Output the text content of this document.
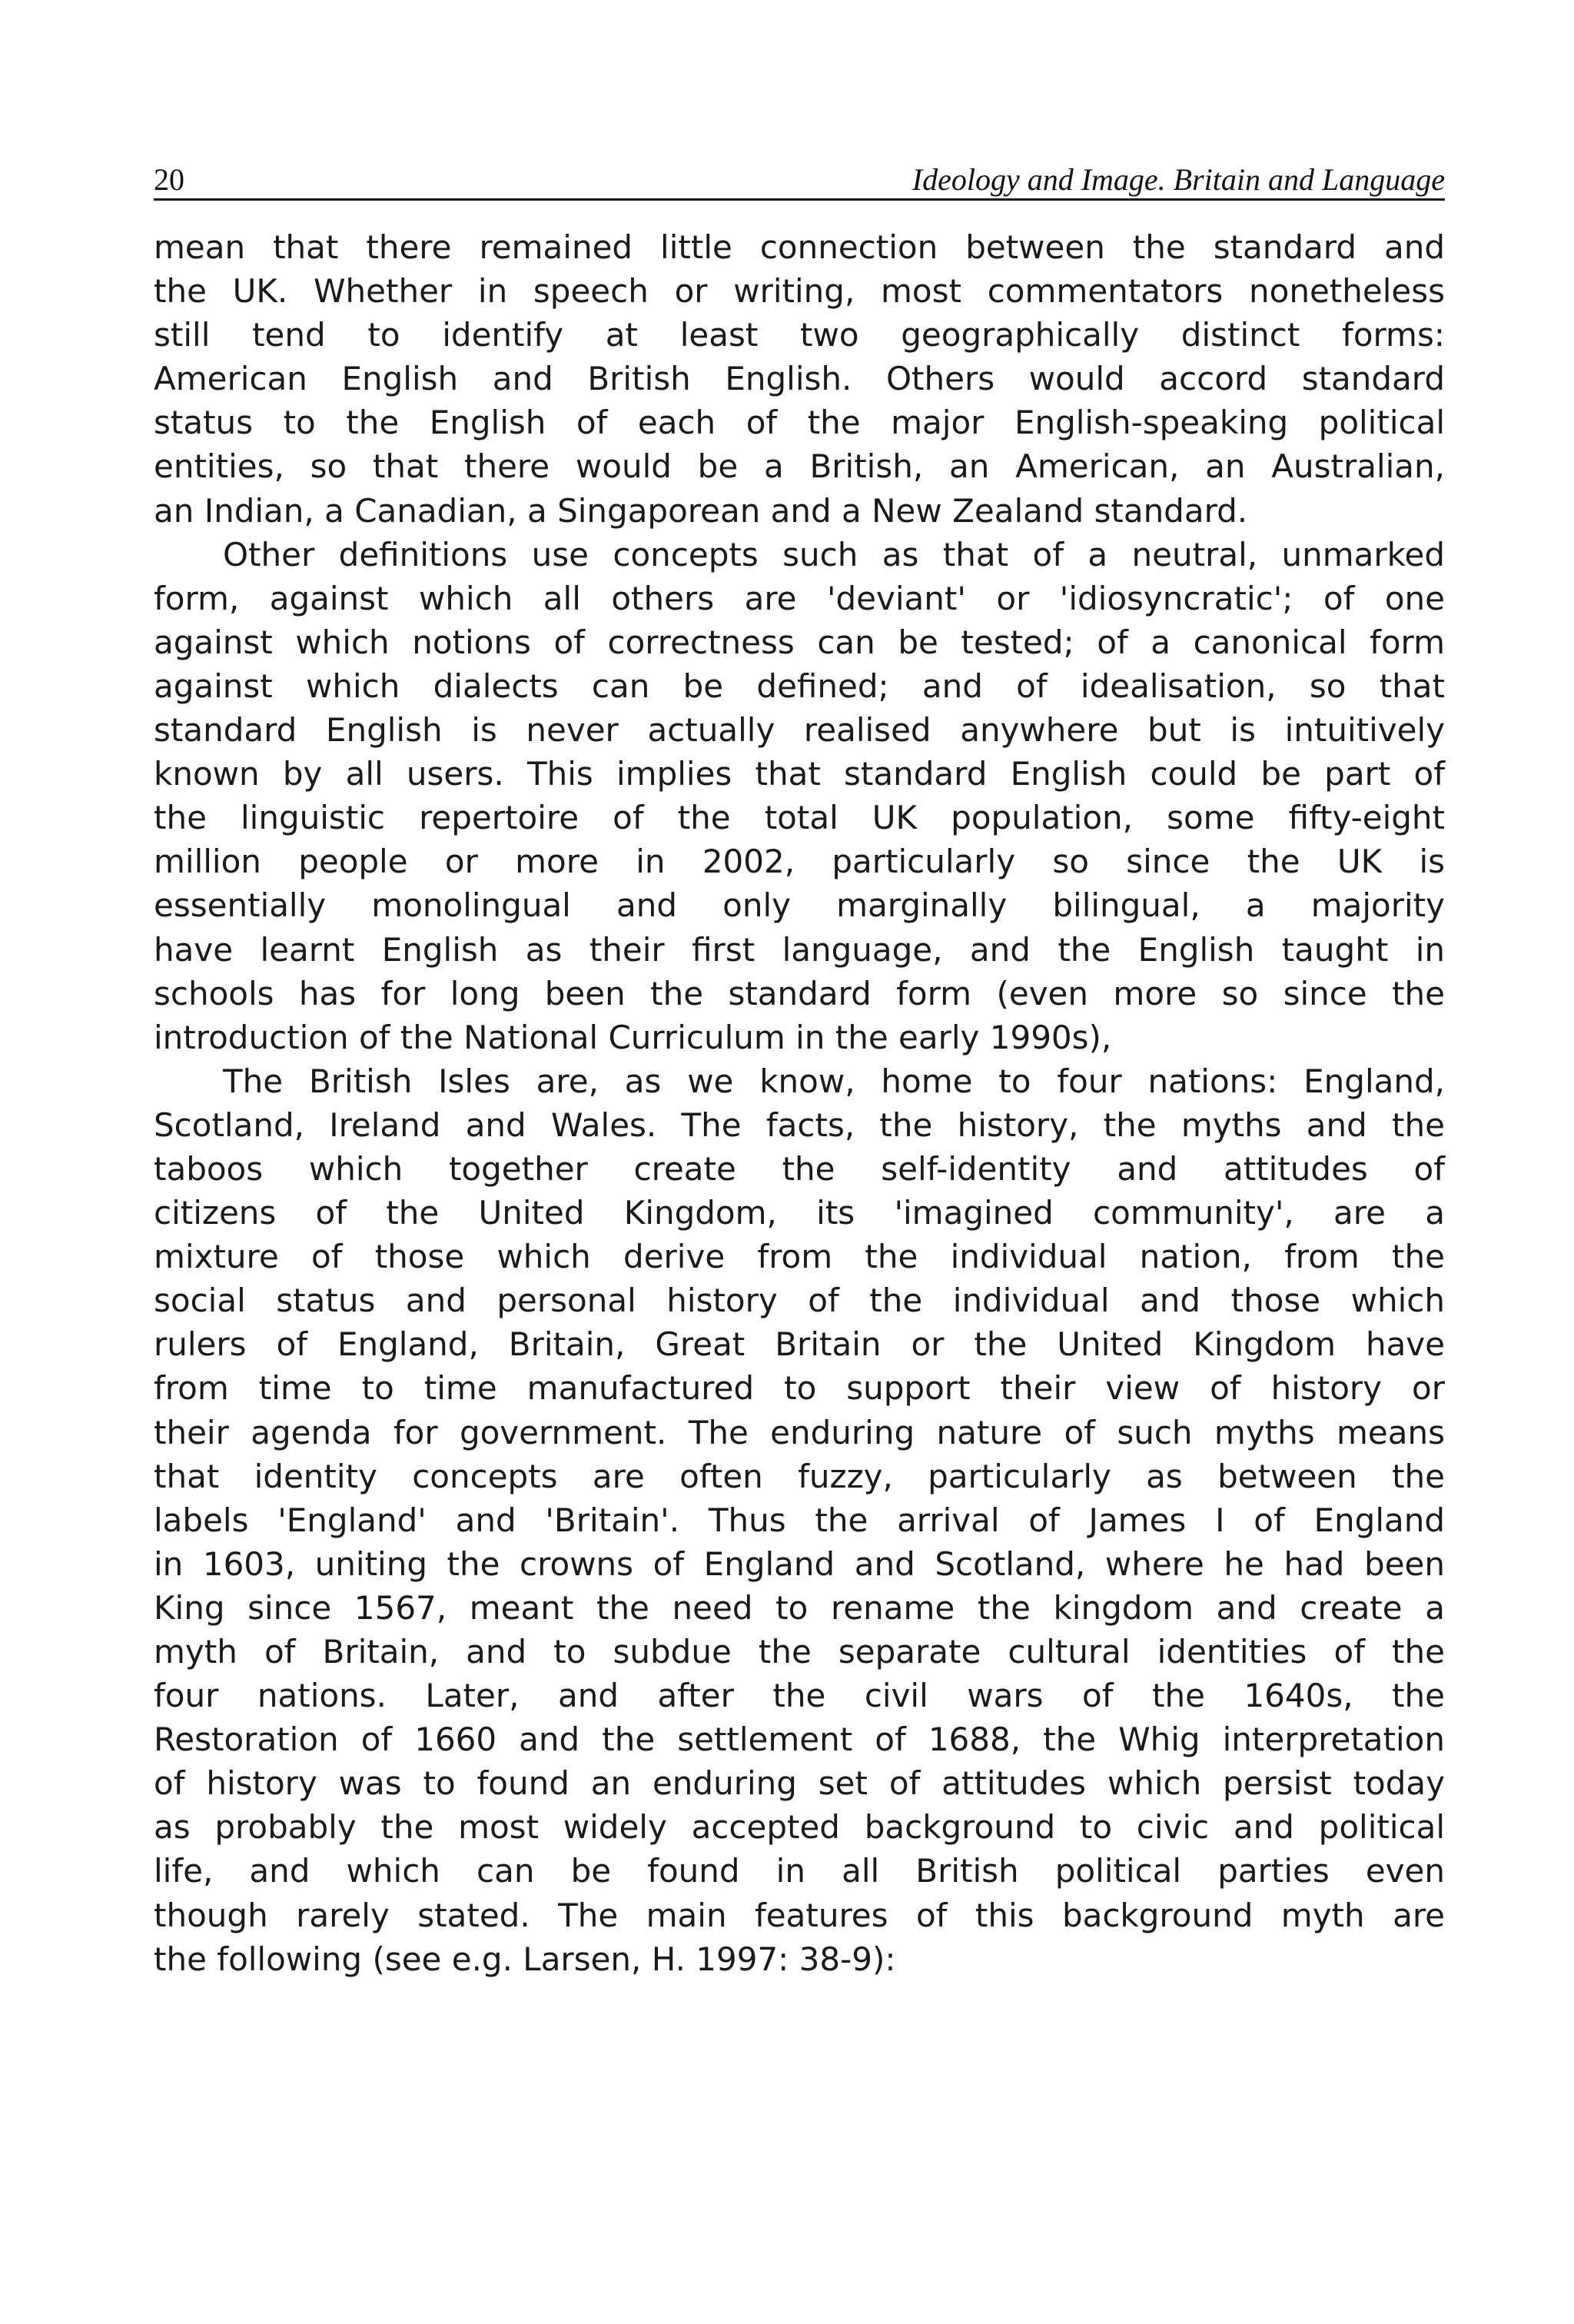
20	Ideology and Image. Britain and Language
mean that there remained little connection between the standard and
the UK. Whether in speech or writing, most commentators nonetheless
still tend to identify at least two geographically distinct forms:
American English and British English. Others would accord standard
status to the English of each of the major English-speaking political
entities, so that there would be a British, an American, an Australian,
an Indian, a Canadian, a Singaporean and a New Zealand standard.
Other definitions use concepts such as that of a neutral, unmarked
form, against which all others are 'deviant' or 'idiosyncratic'; of one
against which notions of correctness can be tested; of a canonical form
against which dialects can be defined; and of idealisation, so that
standard English is never actually realised anywhere but is intuitively
known by all users. This implies that standard English could be part of
the linguistic repertoire of the total UK population, some fifty-eight
million people or more in 2002, particularly so since the UK is
essentially monolingual and only marginally bilingual, a majority
have learnt English as their first language, and the English taught in
schools has for long been the standard form (even more so since the
introduction of the National Curriculum in the early 1990s),
The British Isles are, as we know, home to four nations: England,
Scotland, Ireland and Wales. The facts, the history, the myths and the
taboos which together create the self-identity and attitudes of
citizens of the United Kingdom, its 'imagined community', are a
mixture of those which derive from the individual nation, from the
social status and personal history of the individual and those which
rulers of England, Britain, Great Britain or the United Kingdom have
from time to time manufactured to support their view of history or
their agenda for government. The enduring nature of such myths means
that identity concepts are often fuzzy, particularly as between the
labels 'England' and 'Britain'. Thus the arrival of James I of England
in 1603, uniting the crowns of England and Scotland, where he had been
King since 1567, meant the need to rename the kingdom and create a
myth of Britain, and to subdue the separate cultural identities of the
four nations. Later, and after the civil wars of the 1640s, the
Restoration of 1660 and the settlement of 1688, the Whig interpretation
of history was to found an enduring set of attitudes which persist today
as probably the most widely accepted background to civic and political
life, and which can be found in all British political parties even
though rarely stated. The main features of this background myth are
the following (see e.g. Larsen, H. 1997: 38-9):
